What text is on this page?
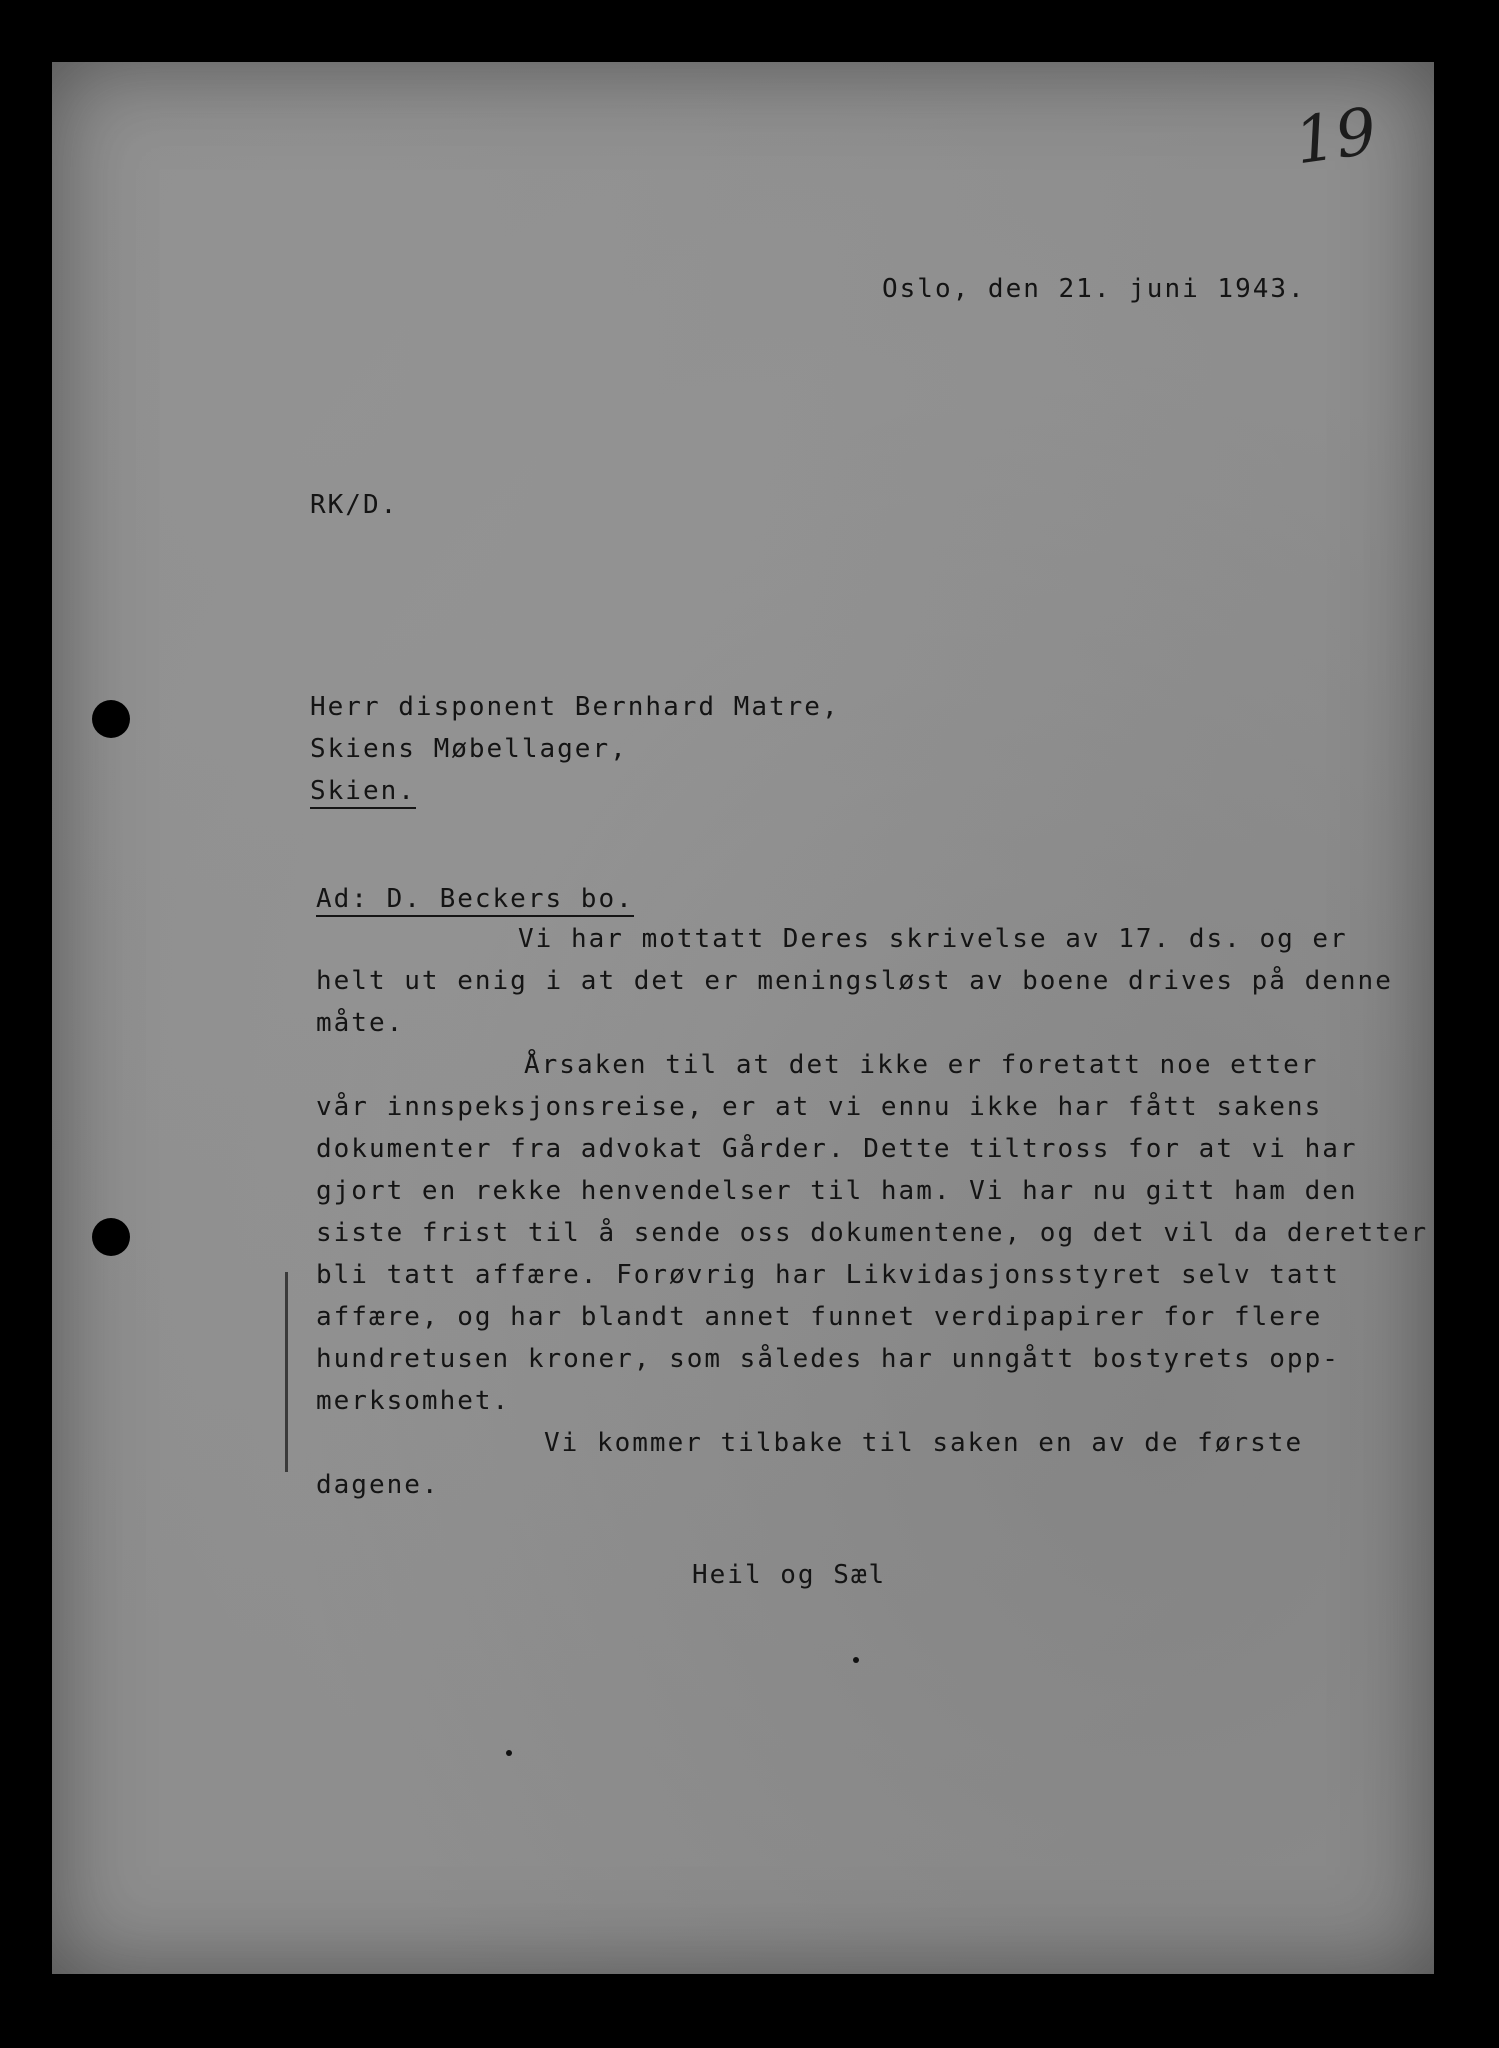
19
Oslo, den 21. juni 1943.
RK/D.
Herr disponent Bernhard Matre,
Skiens Møbellager,
Skien.
Ad: D. Beckers bo.
Vi har mottatt Deres skrivelse av 17. ds. og er
helt ut enig i at det er meningsløst av boene drives på denne
måte.
Årsaken til at det ikke er foretatt noe etter
vår innspeksjonsreise, er at vi ennu ikke har fått sakens
dokumenter fra advokat Gårder. Dette tiltross for at vi har
gjort en rekke henvendelser til ham. Vi har nu gitt ham den
siste frist til å sende oss dokumentene, og det vil da deretter
bli tatt affære. Forøvrig har Likvidasjonsstyret selv tatt
affære, og har blandt annet funnet verdipapirer for flere
hundretusen kroner, som således har unngått bostyrets opp-
merksomhet.
Vi kommer tilbake til saken en av de første
dagene.
Heil og Sæl
